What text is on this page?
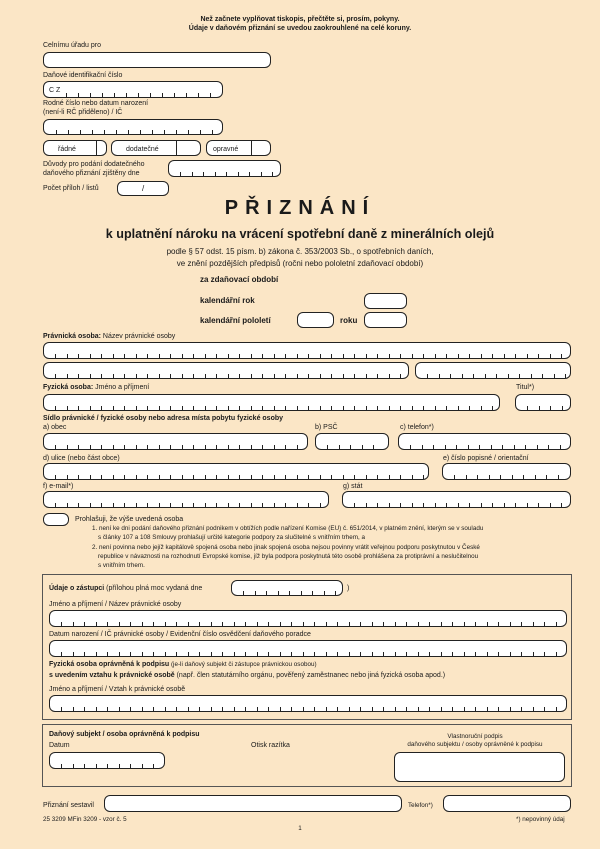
Než začnete vyplňovat tiskopis, přečtěte si, prosím, pokyny.
Údaje v daňovém přiznání se uvedou zaokrouhlené na celé koruny.
Celnímu úřadu pro
Daňové identifikační číslo
C Z
Rodné číslo nebo datum narození
(není-li RČ přiděleno) / IČ
řádné	dodatečné	opravné
Důvody pro podání dodatečného
daňového přiznání zjištěny dne
Počet příloh / listů	/
PŘIZNÁNÍ
k uplatnění nároku na vrácení spotřební daně z minerálních olejů
podle § 57 odst. 15 písm. b) zákona č. 353/2003 Sb., o spotřebních daních,
ve znění pozdějších předpisů (ročni nebo pololetní zdaňovací období)
za zdaňovací období
kalendářní rok
kalendářní pololetí	roku
Právnická osoba: Název právnické osoby
Fyzická osoba: Jméno a příjmení	Titul*)
Sídlo právnické / fyzické osoby nebo adresa místa pobytu fyzické osoby
a) obec	b) PSČ	c) telefon*)
d) ulice (nebo část obce)	e) číslo popisné / orientační
f) e-mail*)	g) stát
Prohlašuji, že výše uvedená osoba
1. není ke dni podání daňového přiznání podnikem v obtížích podle nařízení Komise (EU) č. 651/2014, v platném znění, kterým se v souladu
s články 107 a 108 Smlouvy prohlašují určité kategorie podpory za slučitelné s vnitřním trhem, a
2. není povinna nebo jejíž kapitálově spojená osoba nebo jinak spojená osoba nejsou povinny vrátit veřejnou podporu poskytnutou v České
republice v návaznosti na rozhodnutí Evropské komise, jíž byla podpora poskytnutá této osobě prohlášena za protiprávní a neslučitelnou
s vnitřním trhem.
Údaje o zástupci (přílohou plná moc vydaná dne	)
Jméno a příjmení / Název právnické osoby
Datum narození / IČ právnické osoby / Evidenční číslo osvědčení daňového poradce
Fyzická osoba oprávněná k podpisu (je-li daňový subjekt či zástupce právnickou osobou)
s uvedením vztahu k právnické osobě (např. člen statutárního orgánu, pověřený zaměstnanec nebo jiná fyzická osoba apod.)
Jméno a příjmení / Vztah k právnické osobě
Daňový subjekt / osoba oprávněná k podpisu
Datum	Otisk razítka
Vlastnoruční podpis
daňového subjektu / osoby oprávněné k podpisu
Přiznání sestavil	Telefon*)
25 3209 MFin 3209 - vzor č. 5	*) nepovinný údaj
1
